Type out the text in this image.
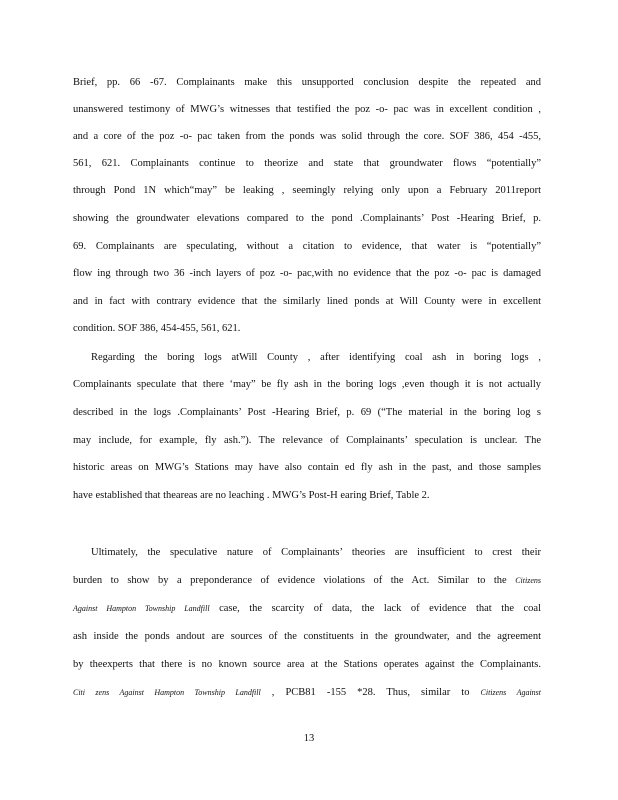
Brief, pp. 66 -67. Complainants make this unsupported conclusion despite the repeated and
unanswered testimony of MWG’s witnesses that testified the poz -o- pac was in excellent condition ,
and a core of the poz -o- pac taken from the ponds was solid through the core. SOF 386, 454 -455,
561, 621. Complainants continue to theorize and state that groundwater flows “potentially”
through Pond 1N which“may” be leaking , seemingly relying only upon a February 2011report
showing the groundwater elevations compared to the pond .Complainants’ Post -Hearing Brief, p.
69. Complainants are speculating, without a citation to evidence, that water is “potentially”
flow ing through two 36 -inch layers of poz -o- pac,with no evidence that the poz -o- pac is damaged
and in fact with contrary evidence that the similarly lined ponds at Will County were in excellent
condition. SOF 386, 454-455, 561, 621.
Regarding the boring logs atWill County , after identifying coal ash in boring logs ,
Complainants speculate that there ‘may” be fly ash in the boring logs ,even though it is not actually
described in the logs .Complainants’ Post -Hearing Brief, p. 69 (“The material in the boring log s
may include, for example, fly ash.”). The relevance of Complainants’ speculation is unclear. The
historic areas on MWG’s Stations may have also contain ed fly ash in the past, and those samples
have established that theareas are no leaching . MWG’s Post-H earing Brief, Table 2.
Ultimately, the speculative nature of Complainants’ theories are insufficient to crest their
burden to show by a preponderance of evidence violations of the Act. Similar to the Citizens
Against Hampton Township Landfill case, the scarcity of data, the lack of evidence that the coal
ash inside the ponds andout are sources of the constituents in the groundwater, and the agreement
by theexperts that there is no known source area at the Stations operates against the Complainants.
Citi zens Against Hampton Township Landfill , PCB81 -155 *28. Thus, similar to Citizens Against
13
